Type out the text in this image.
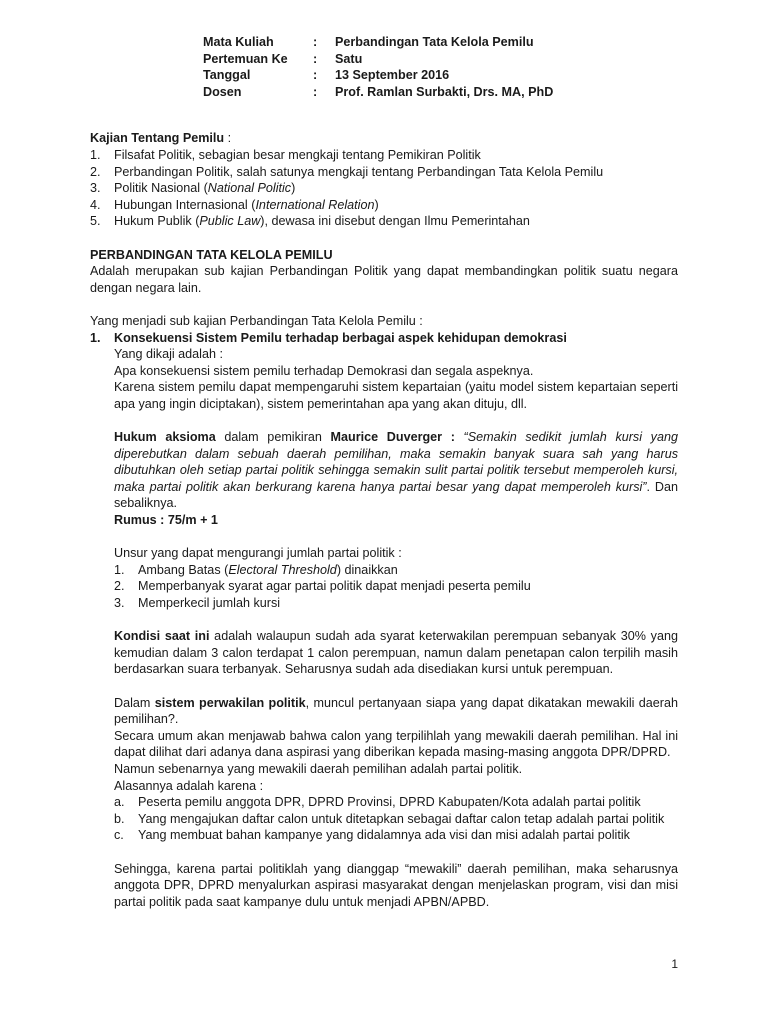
Mata Kuliah	:	Perbandingan Tata Kelola Pemilu
Pertemuan Ke	:	Satu
Tanggal	:	13 September 2016
Dosen	:	Prof. Ramlan Surbakti, Drs. MA, PhD
Kajian Tentang Pemilu :
1.	Filsafat Politik, sebagian besar mengkaji tentang Pemikiran Politik
2.	Perbandingan Politik, salah satunya mengkaji tentang Perbandingan Tata Kelola Pemilu
3.	Politik Nasional (National Politic)
4.	Hubungan Internasional (International Relation)
5.	Hukum Publik (Public Law), dewasa ini disebut dengan Ilmu Pemerintahan
PERBANDINGAN TATA KELOLA PEMILU
Adalah merupakan sub kajian Perbandingan Politik yang dapat membandingkan politik suatu negara dengan negara lain.
Yang menjadi sub kajian Perbandingan Tata Kelola Pemilu :
1.	Konsekuensi Sistem Pemilu terhadap berbagai aspek kehidupan demokrasi
Yang dikaji adalah :
Apa konsekuensi sistem pemilu terhadap Demokrasi dan segala aspeknya.
Karena sistem pemilu dapat mempengaruhi sistem kepartaian (yaitu model sistem kepartaian seperti apa yang ingin diciptakan), sistem pemerintahan apa yang akan dituju, dll.
Hukum aksioma dalam pemikiran Maurice Duverger : “Semakin sedikit jumlah kursi yang diperebutkan dalam sebuah daerah pemilihan, maka semakin banyak suara sah yang harus dibutuhkan oleh setiap partai politik sehingga semakin sulit partai politik tersebut memperoleh kursi, maka partai politik akan berkurang karena hanya partai besar yang dapat memperoleh kursi”. Dan sebaliknya.
Rumus : 75/m + 1
Unsur yang dapat mengurangi jumlah partai politik :
1.	Ambang Batas (Electoral Threshold) dinaikkan
2.	Memperbanyak syarat agar partai politik dapat menjadi peserta pemilu
3.	Memperkecil jumlah kursi
Kondisi saat ini adalah walaupun sudah ada syarat keterwakilan perempuan sebanyak 30% yang kemudian dalam 3 calon terdapat 1 calon perempuan, namun dalam penetapan calon terpilih masih berdasarkan suara terbanyak. Seharusnya sudah ada disediakan kursi untuk perempuan.
Dalam sistem perwakilan politik, muncul pertanyaan siapa yang dapat dikatakan mewakili daerah pemilihan?.
Secara umum akan menjawab bahwa calon yang terpilihlah yang mewakili daerah pemilihan. Hal ini dapat dilihat dari adanya dana aspirasi yang diberikan kepada masing-masing anggota DPR/DPRD.
Namun sebenarnya yang mewakili daerah pemilihan adalah partai politik.
Alasannya adalah karena :
a.	Peserta pemilu anggota DPR, DPRD Provinsi, DPRD Kabupaten/Kota adalah partai politik
b.	Yang mengajukan daftar calon untuk ditetapkan sebagai daftar calon tetap adalah partai politik
c.	Yang membuat bahan kampanye yang didalamnya ada visi dan misi adalah partai politik
Sehingga, karena partai politiklah yang dianggap “mewakili” daerah pemilihan, maka seharusnya anggota DPR, DPRD menyalurkan aspirasi masyarakat dengan menjelaskan program, visi dan misi partai politik pada saat kampanye dulu untuk menjadi APBN/APBD.
1
